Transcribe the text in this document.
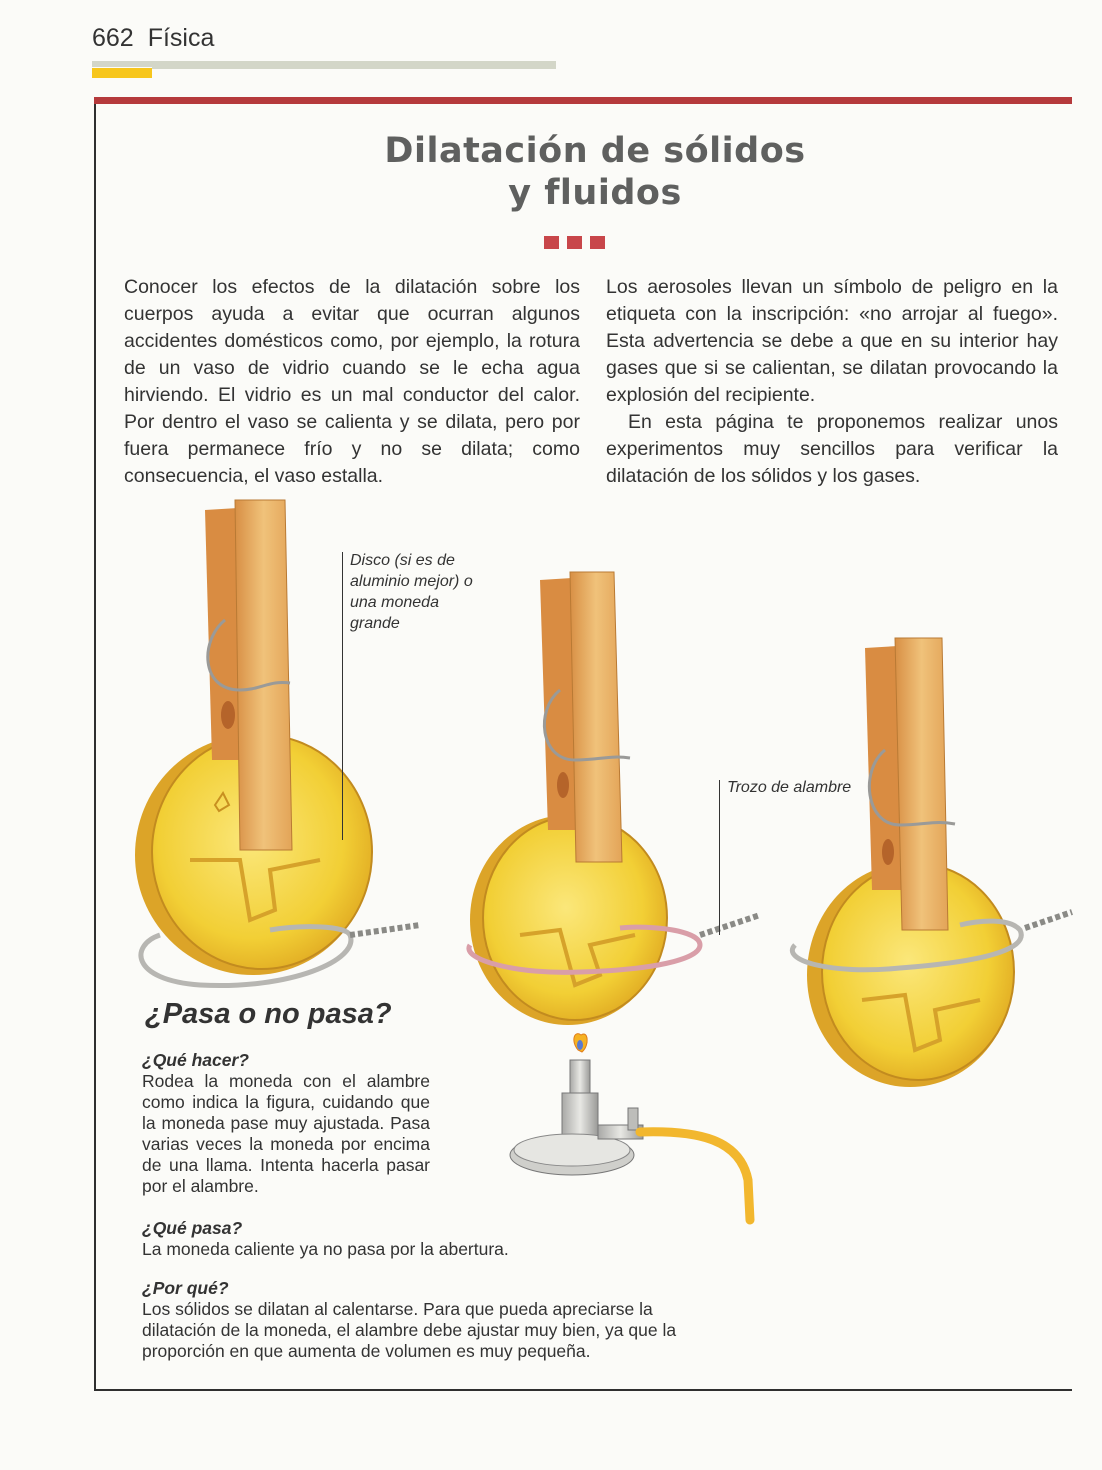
662 Física
Dilatación de sólidos
y fluidos

Conocer los efectos de la dilatación sobre los cuerpos ayuda a evitar que ocurran algunos accidentes domésticos como, por ejemplo, la rotura de un vaso de vidrio cuando se le echa agua hirviendo. El vidrio es un mal conductor del calor. Por dentro el vaso se calienta y se dilata, pero por fuera permanece frío y no se dilata; como consecuencia, el vaso estalla.

Los aerosoles llevan un símbolo de peligro en la etiqueta con la inscripción: «no arrojar al fuego». Esta advertencia se debe a que en su interior hay gases que si se calientan, se dilatan provocando la explosión del recipiente.

En esta página te proponemos realizar unos experimentos muy sencillos para verificar la dilatación de los sólidos y los gases.

Disco (si es de aluminio mejor) o una moneda grande
Trozo de alambre
¿Pasa o no pasa?
¿Qué hacer?
Rodea la moneda con el alambre como indica la figura, cuidando que la moneda pase muy ajustada. Pasa varias veces la moneda por encima de una llama. Intenta hacerla pasar por el alambre.
¿Qué pasa?
La moneda caliente ya no pasa por la abertura.
¿Por qué?
Los sólidos se dilatan al calentarse. Para que pueda apreciarse la dilatación de la moneda, el alambre debe ajustar muy bien, ya que la proporción en que aumenta de volumen es muy pequeña.
